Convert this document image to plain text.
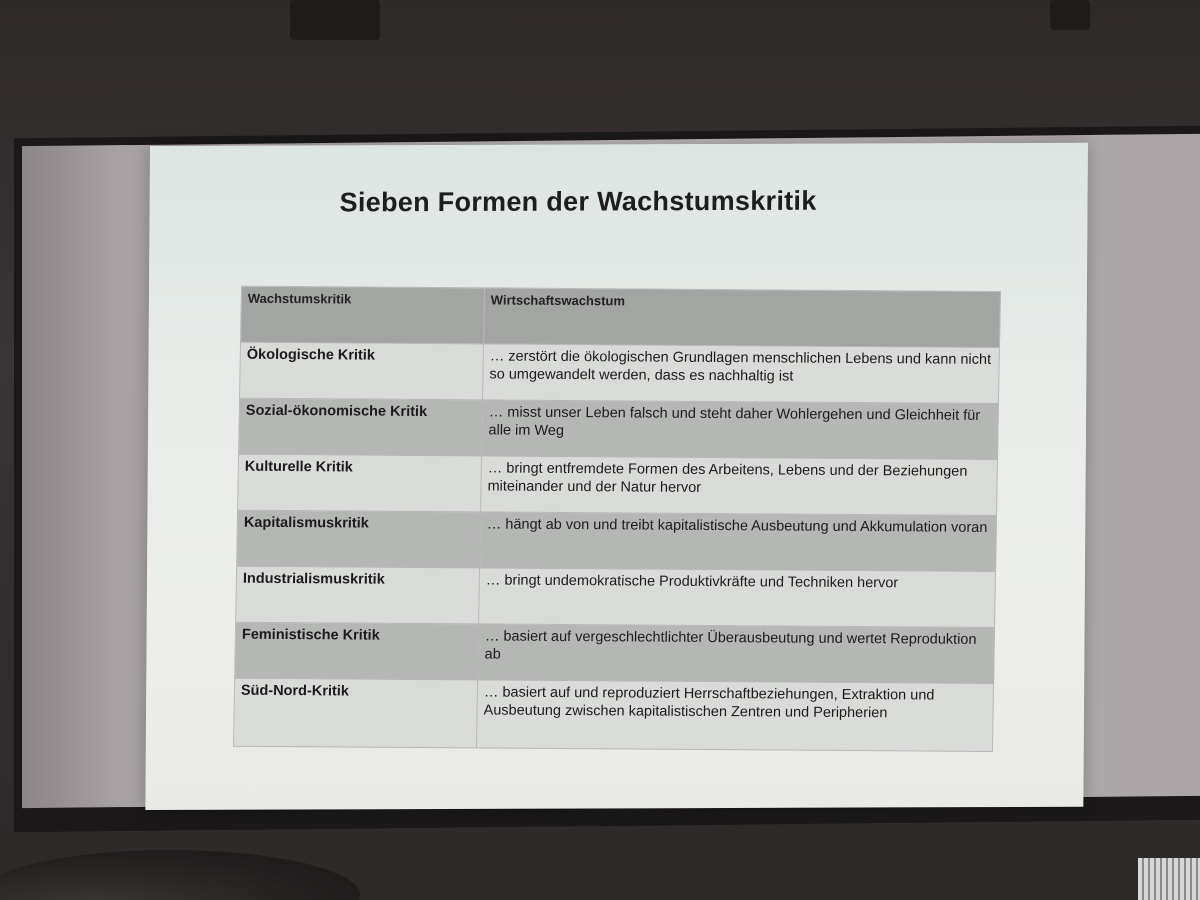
Sieben Formen der Wachstumskritik
Wachstumskritik	Wirtschaftswachstum
Ökologische Kritik	… zerstört die ökologischen Grundlagen menschlichen Lebens und kann nicht so umgewandelt werden, dass es nachhaltig ist
Sozial-ökonomische Kritik	… misst unser Leben falsch und steht daher Wohlergehen und Gleichheit für alle im Weg
Kulturelle Kritik	… bringt entfremdete Formen des Arbeitens, Lebens und der Beziehungen miteinander und der Natur hervor
Kapitalismuskritik	… hängt ab von und treibt kapitalistische Ausbeutung und Akkumulation voran
Industrialismuskritik	… bringt undemokratische Produktivkräfte und Techniken hervor
Feministische Kritik	… basiert auf vergeschlechtlichter Überausbeutung und wertet Reproduktion ab
Süd-Nord-Kritik	… basiert auf und reproduziert Herrschaftbeziehungen, Extraktion und Ausbeutung zwischen kapitalistischen Zentren und Peripherien
